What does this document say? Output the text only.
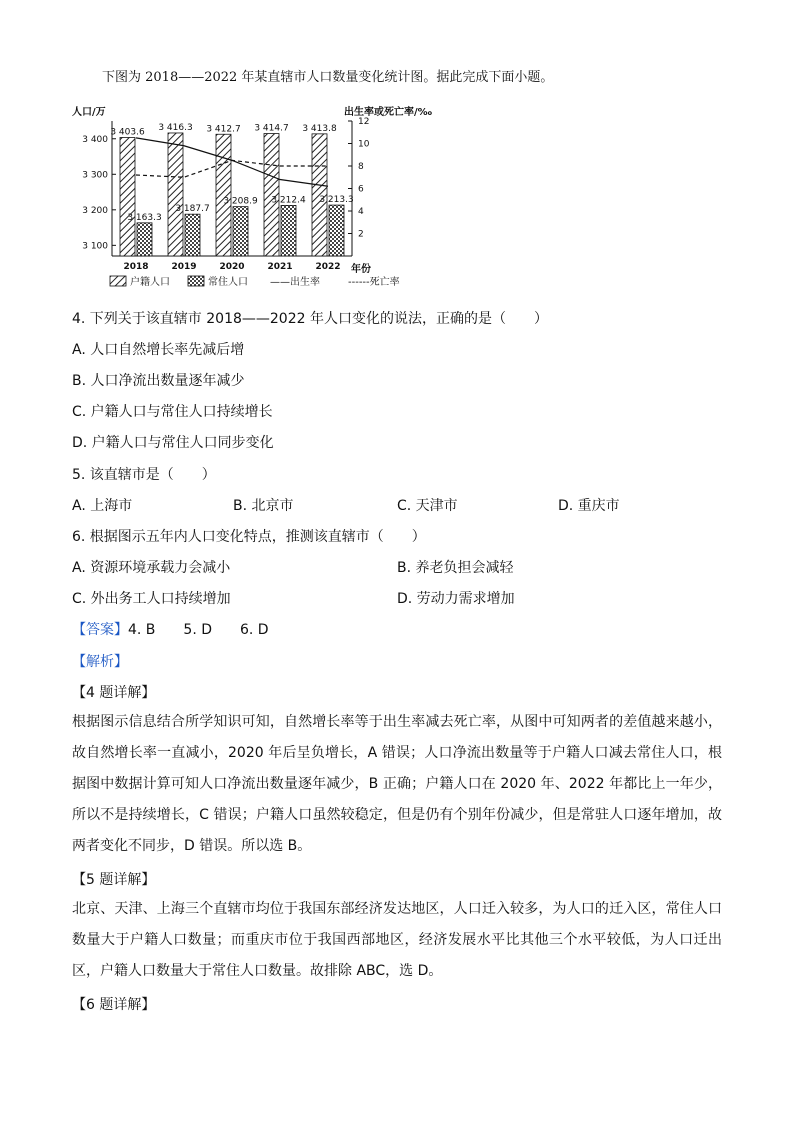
下图为 2018——2022 年某直辖市人口数量变化统计图。据此完成下面小题。
人口/万	出生率或死亡率/‰
3 100
3 200
3 300
3 400
2
4
6
8
10
12
3 403.6
3 163.3
2018
3 416.3
3 187.7
2019
3 412.7
3 208.9
2020
3 414.7
3 212.4
2021
3 413.8
3 213.3
2022 年份
户籍人口	常住人口 ——出生率	------死亡率
4. 下列关于该直辖市 2018——2022 年人口变化的说法，正确的是（　　）
A. 人口自然增长率先减后增
B. 人口净流出数量逐年减少
C. 户籍人口与常住人口持续增长
D. 户籍人口与常住人口同步变化
5. 该直辖市是（　　）
A. 上海市	B. 北京市	C. 天津市	D. 重庆市
6. 根据图示五年内人口变化特点，推测该直辖市（　　）
A. 资源环境承载力会减小	B. 养老负担会减轻
C. 外出务工人口持续增加	D. 劳动力需求增加
【答案】4. B　　5. D　　6. D
【解析】
【4 题详解】
根据图示信息结合所学知识可知，自然增长率等于出生率减去死亡率，从图中可知两者的差值越来越小，故自然增长率一直减小，2020 年后呈负增长，A 错误；人口净流出数量等于户籍人口减去常住人口，根据图中数据计算可知人口净流出数量逐年减少，B 正确；户籍人口在 2020 年、2022 年都比上一年少，所以不是持续增长，C 错误；户籍人口虽然较稳定，但是仍有个别年份减少，但是常驻人口逐年增加，故两者变化不同步，D 错误。所以选 B。
【5 题详解】
北京、天津、上海三个直辖市均位于我国东部经济发达地区，人口迁入较多，为人口的迁入区，常住人口数量大于户籍人口数量；而重庆市位于我国西部地区，经济发展水平比其他三个水平较低，为人口迁出区，户籍人口数量大于常住人口数量。故排除 ABC，选 D。
【6 题详解】
